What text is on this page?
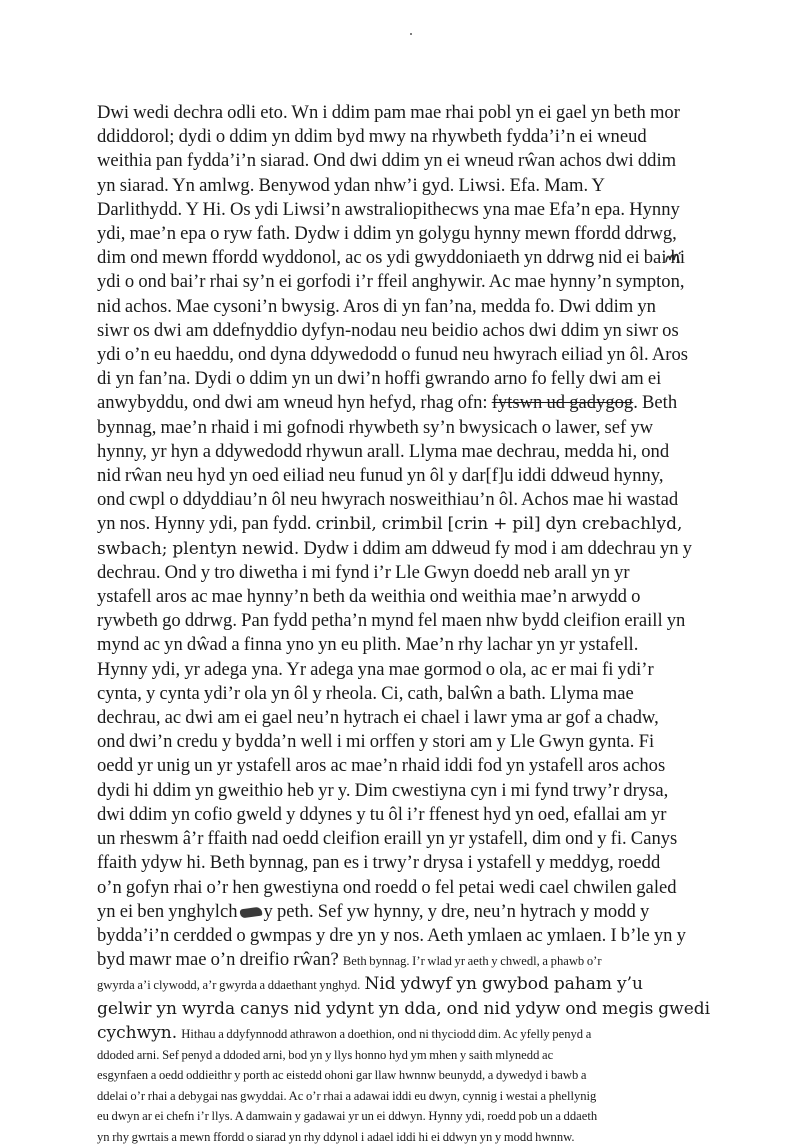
Dwi wedi dechra odli eto. Wn i ddim pam mae rhai pobl yn ei gael yn beth mor
ddiddorol; dydi o ddim yn ddim byd mwy na rhywbeth fydda’i’n ei wneud
weithia pan fydda’i’n siarad. Ond dwi ddim yn ei wneud rŵan achos dwi ddim
yn siarad. Yn amlwg. Benywod ydan nhw’i gyd. Liwsi. Efa. Mam. Y
Darlithydd. Y Hi. Os ydi Liwsi’n awstraliopithecws yna mae Efa’n epa. Hynny
ydi, mae’n epa o ryw fath. Dydw i ddim yn golygu hynny mewn ffordd ddrwg,
dim ond mewn ffordd wyddonol, ac os ydi gwyddoniaeth yn ddrwg nid ei bai hi
ydi o ond bai’r rhai sy’n ei gorfodi i’r ffeil anghywir. Ac mae hynny’n sympton,
nid achos. Mae cysoni’n bwysig. Aros di yn fan’na, medda fo. Dwi ddim yn
siwr os dwi am ddefnyddio dyfyn-nodau neu beidio achos dwi ddim yn siwr os
ydi o’n eu haeddu, ond dyna ddywedodd o funud neu hwyrach eiliad yn ôl. Aros
di yn fan’na. Dydi o ddim yn un dwi’n hoffi gwrando arno fo felly dwi am ei
anwybyddu, ond dwi am wneud hyn hefyd, rhag ofn: fytswn ud gadygog. Beth
bynnag, mae’n rhaid i mi gofnodi rhywbeth sy’n bwysicach o lawer, sef yw
hynny, yr hyn a ddywedodd rhywun arall. Llyma mae dechrau, medda hi, ond
nid rŵan neu hyd yn oed eiliad neu funud yn ôl y dar[f]u iddi ddweud hynny,
ond cwpl o ddyddiau’n ôl neu hwyrach nosweithiau’n ôl. Achos mae hi wastad
yn nos. Hynny ydi, pan fydd. crinbil, crimbil [crin + pil] dyn crebachlyd,
swbach; plentyn newid. Dydw i ddim am ddweud fy mod i am ddechrau yn y
dechrau. Ond y tro diwetha i mi fynd i’r Lle Gwyn doedd neb arall yn yr
ystafell aros ac mae hynny’n beth da weithia ond weithia mae’n arwydd o
rywbeth go ddrwg. Pan fydd petha’n mynd fel maen nhw bydd cleifion eraill yn
mynd ac yn dŵad a finna yno yn eu plith. Mae’n rhy lachar yn yr ystafell.
Hynny ydi, yr adega yna. Yr adega yna mae gormod o ola, ac er mai fi ydi’r
cynta, y cynta ydi’r ola yn ôl y rheola. Ci, cath, balŵn a bath. Llyma mae
dechrau, ac dwi am ei gael neu’n hytrach ei chael i lawr yma ar gof a chadw,
ond dwi’n credu y bydda’n well i mi orffen y stori am y Lle Gwyn gynta. Fi
oedd yr unig un yr ystafell aros ac mae’n rhaid iddi fod yn ystafell aros achos
dydi hi ddim yn gweithio heb yr y. Dim cwestiyna cyn i mi fynd trwy’r drysa,
dwi ddim yn cofio gweld y ddynes y tu ôl i’r ffenest hyd yn oed, efallai am yr
un rheswm â’r ffaith nad oedd cleifion eraill yn yr ystafell, dim ond y fi. Canys
ffaith ydyw hi. Beth bynnag, pan es i trwy’r drysa i ystafell y meddyg, roedd
o’n gofyn rhai o’r hen gwestiyna ond roedd o fel petai wedi cael chwilen galed
yn ei ben ynghylch y peth. Sef yw hynny, y dre, neu’n hytrach y modd y
bydda’i’n cerdded o gwmpas y dre yn y nos. Aeth ymlaen ac ymlaen. I b’le yn y
byd mawr mae o’n dreifio rŵan? Beth bynnag. I’r wlad yr aeth y chwedl, a phawb o’r
gwyrda a’i clywodd, a’r gwyrda a ddaethant ynghyd. Nid ydwyf yn gwybod paham y’u
gelwir yn wyrda canys nid ydynt yn dda, ond nid ydyw ond megis gwedi
cychwyn. Hithau a ddyfynnodd athrawon a doethion, ond ni thyciodd dim. Ac yfelly penyd a
ddoded arni. Sef penyd a ddoded arni, bod yn y llys honno hyd ym mhen y saith mlynedd ac
esgynfaen a oedd oddieithr y porth ac eistedd ohoni gar llaw hwnnw beunydd, a dywedyd i bawb a
ddelai o’r rhai a debygai nas gwyddai. Ac o’r rhai a adawai iddi eu dwyn, cynnig i westai a phellynig
eu dwyn ar ei chefn i’r llys. A damwain y gadawai yr un ei ddwyn. Hynny ydi, roedd pob un a ddaeth
yn rhy gwrtais a mewn ffordd o siarad yn rhy ddynol i adael iddi hi ei ddwyn yn y modd hwnnw.
